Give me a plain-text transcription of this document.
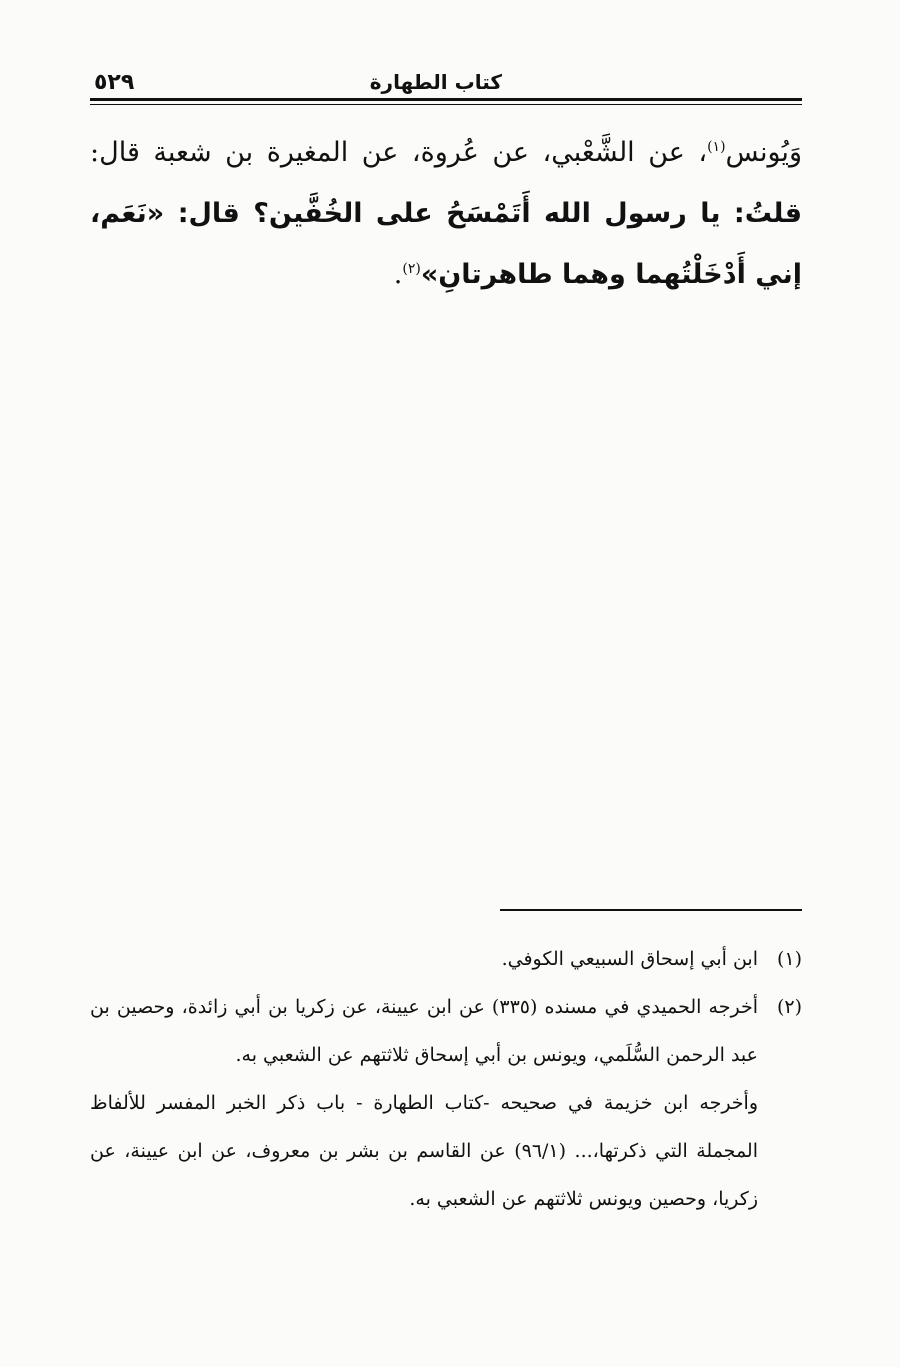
٥٢٩	كتاب الطهارة
وَيُونس$^{(١)}$، عن الشَّعْبي، عن عُروة، عن المغيرة بن شعبة قال: قلتُ: يا رسول الله أَتَمْسَحُ على الخُفَّين؟ قال: «نَعَم، إني أَدْخَلْتُهما وهما طاهرتانِ»$^{(٢)}$.
(١)
ابن أبي إسحاق السبيعي الكوفي.
(٢)
أخرجه الحميدي في مسنده (٣٣٥) عن ابن عيينة، عن زكريا بن أبي زائدة، وحصين بن عبد الرحمن السُّلَمي، ويونس بن أبي إسحاق ثلاثتهم عن الشعبي به.
وأخرجه ابن خزيمة في صحيحه -كتاب الطهارة - باب ذكر الخبر المفسر للألفاظ المجملة التي ذكرتها،... (٩٦/١) عن القاسم بن بشر بن معروف، عن ابن عيينة، عن زكريا، وحصين ويونس ثلاثتهم عن الشعبي به.
